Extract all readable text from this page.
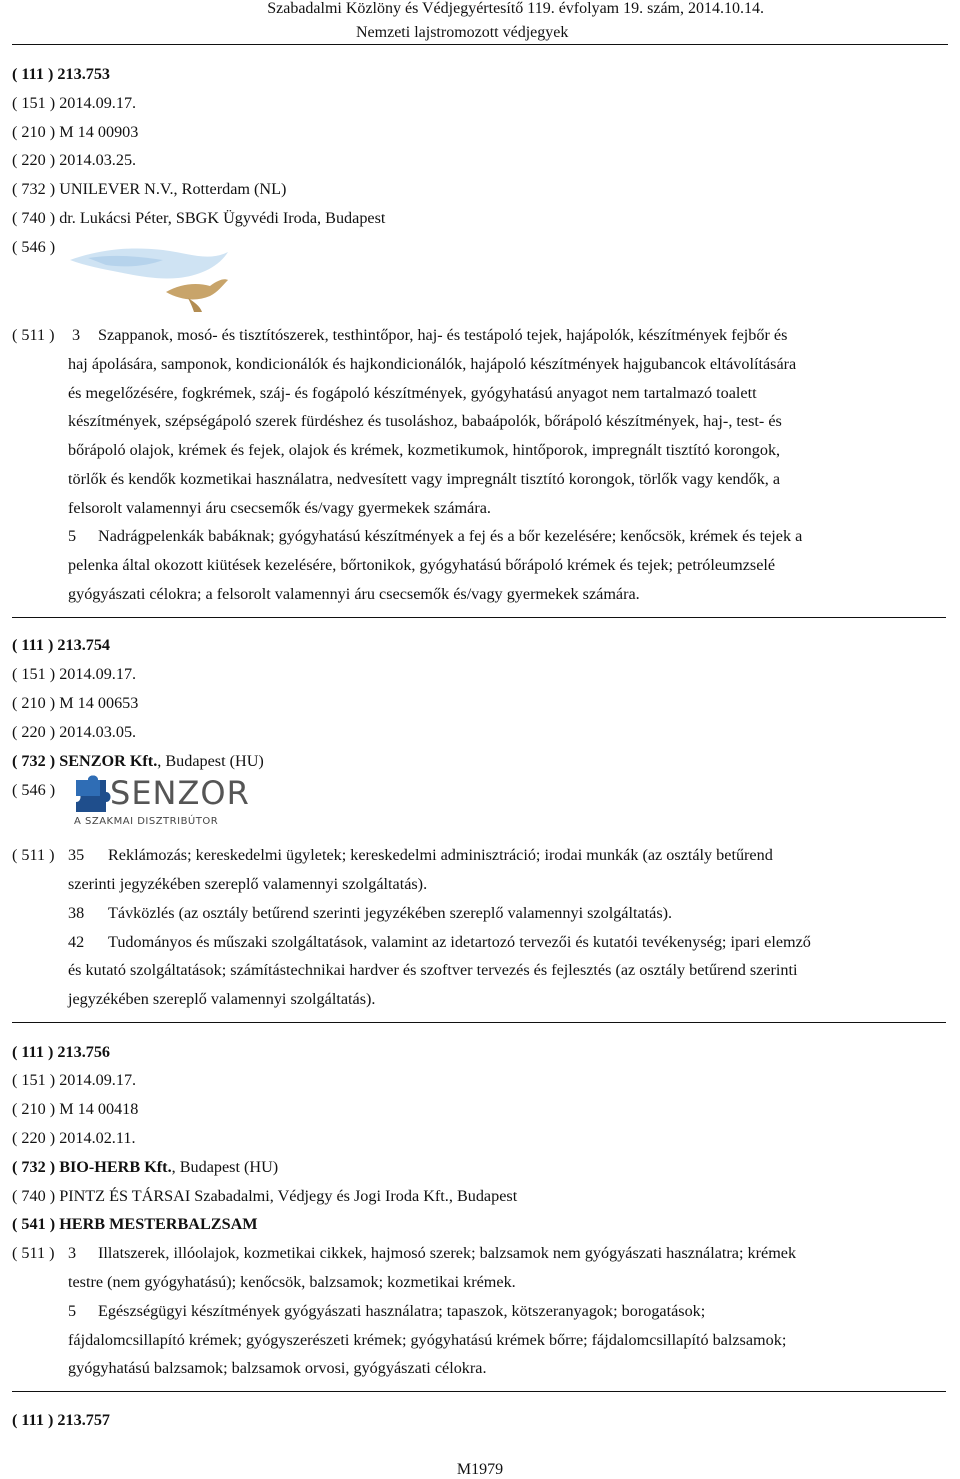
Szabadalmi Közlöny és Védjegyértesítő 119. évfolyam 19. szám, 2014.10.14.
Nemzeti lajstromozott védjegyek
( 111 ) 213.753
( 151 ) 2014.09.17.
( 210 ) M 14 00903
( 220 ) 2014.03.25.
( 732 ) UNILEVER N.V., Rotterdam (NL)
( 740 ) dr. Lukácsi Péter, SBGK Ügyvédi Iroda, Budapest
( 546 )
( 511 ) 3 Szappanok, mosó- és tisztítószerek, testhintőpor, haj- és testápoló tejek, hajápolók, készítmények fejbőr és
haj ápolására, samponok, kondicionálók és hajkondicionálók, hajápoló készítmények hajgubancok eltávolítására
és megelőzésére, fogkrémek, száj- és fogápoló készítmények, gyógyhatású anyagot nem tartalmazó toalett
készítmények, szépségápoló szerek fürdéshez és tusoláshoz, babaápolók, bőrápoló készítmények, haj-, test- és
bőrápoló olajok, krémek és fejek, olajok és krémek, kozmetikumok, hintőporok, impregnált tisztító korongok,
törlők és kendők kozmetikai használatra, nedvesített vagy impregnált tisztító korongok, törlők vagy kendők, a
felsorolt valamennyi áru csecsemők és/vagy gyermekek számára.
5 Nadrágpelenkák babáknak; gyógyhatású készítmények a fej és a bőr kezelésére; kenőcsök, krémek és tejek a
pelenka által okozott kiütések kezelésére, bőrtonikok, gyógyhatású bőrápoló krémek és tejek; petróleumzselé
gyógyászati célokra; a felsorolt valamennyi áru csecsemők és/vagy gyermekek számára.
( 111 ) 213.754
( 151 ) 2014.09.17.
( 210 ) M 14 00653
( 220 ) 2014.03.05.
( 732 ) SENZOR Kft., Budapest (HU)
( 546 ) SENZOR
A SZAKMAI DISZTRIBÚTOR
( 511 ) 35 Reklámozás; kereskedelmi ügyletek; kereskedelmi adminisztráció; irodai munkák (az osztály betűrend
szerinti jegyzékében szereplő valamennyi szolgáltatás).
38 Távközlés (az osztály betűrend szerinti jegyzékében szereplő valamennyi szolgáltatás).
42 Tudományos és műszaki szolgáltatások, valamint az idetartozó tervezői és kutatói tevékenység; ipari elemző
és kutató szolgáltatások; számítástechnikai hardver és szoftver tervezés és fejlesztés (az osztály betűrend szerinti
jegyzékében szereplő valamennyi szolgáltatás).
( 111 ) 213.756
( 151 ) 2014.09.17.
( 210 ) M 14 00418
( 220 ) 2014.02.11.
( 732 ) BIO-HERB Kft., Budapest (HU)
( 740 ) PINTZ ÉS TÁRSAI Szabadalmi, Védjegy és Jogi Iroda Kft., Budapest
( 541 ) HERB MESTERBALZSAM
( 511 ) 3 Illatszerek, illóolajok, kozmetikai cikkek, hajmosó szerek; balzsamok nem gyógyászati használatra; krémek
testre (nem gyógyhatású); kenőcsök, balzsamok; kozmetikai krémek.
5 Egészségügyi készítmények gyógyászati használatra; tapaszok, kötszeranyagok; borogatások;
fájdalomcsillapító krémek; gyógyszerészeti krémek; gyógyhatású krémek bőrre; fájdalomcsillapító balzsamok;
gyógyhatású balzsamok; balzsamok orvosi, gyógyászati célokra.
( 111 ) 213.757
M1979
